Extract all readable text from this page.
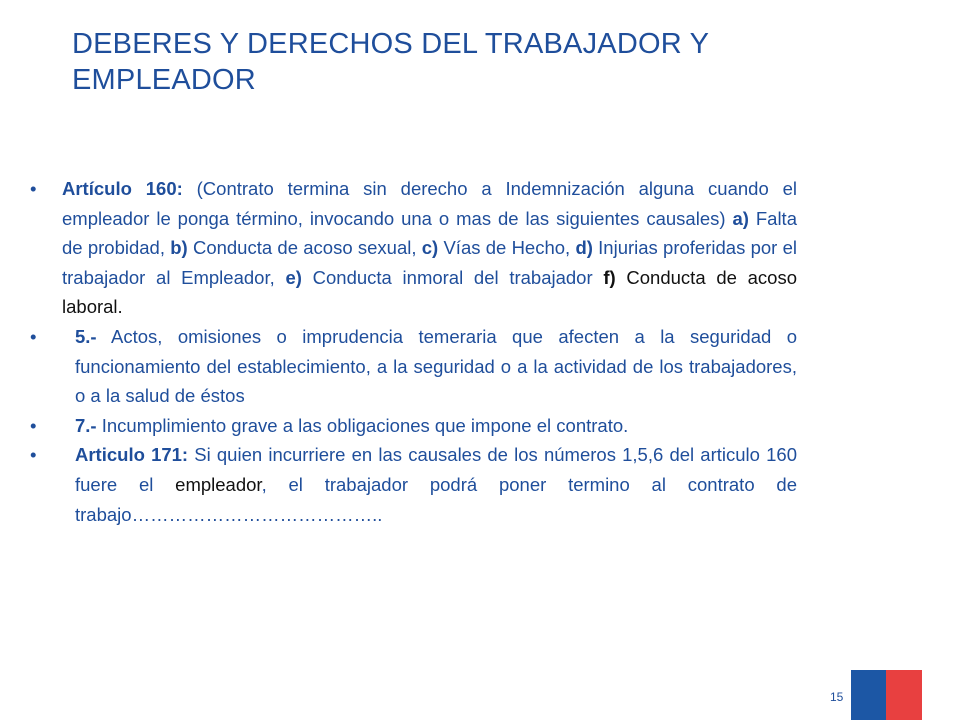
DEBERES Y DERECHOS DEL TRABAJADOR Y
EMPLEADOR
•	Artículo 160: (Contrato termina sin derecho a Indemnización alguna cuando el empleador le ponga término, invocando una o mas de las siguientes causales) a) Falta de probidad, b) Conducta de acoso sexual, c) Vías de Hecho, d) Injurias proferidas por el trabajador al Empleador, e) Conducta inmoral del trabajador f) Conducta de acoso laboral.
•	5.- Actos, omisiones o imprudencia temeraria que afecten a la seguridad o funcionamiento del establecimiento, a la seguridad o a la actividad de los trabajadores, o a la salud de éstos
•	7.- Incumplimiento grave a las obligaciones que impone el contrato.
•	Articulo 171: Si quien incurriere en las causales de los números 1,5,6 del articulo 160 fuere el empleador, el trabajador podrá poner termino al contrato de trabajo…………………………………..
15
